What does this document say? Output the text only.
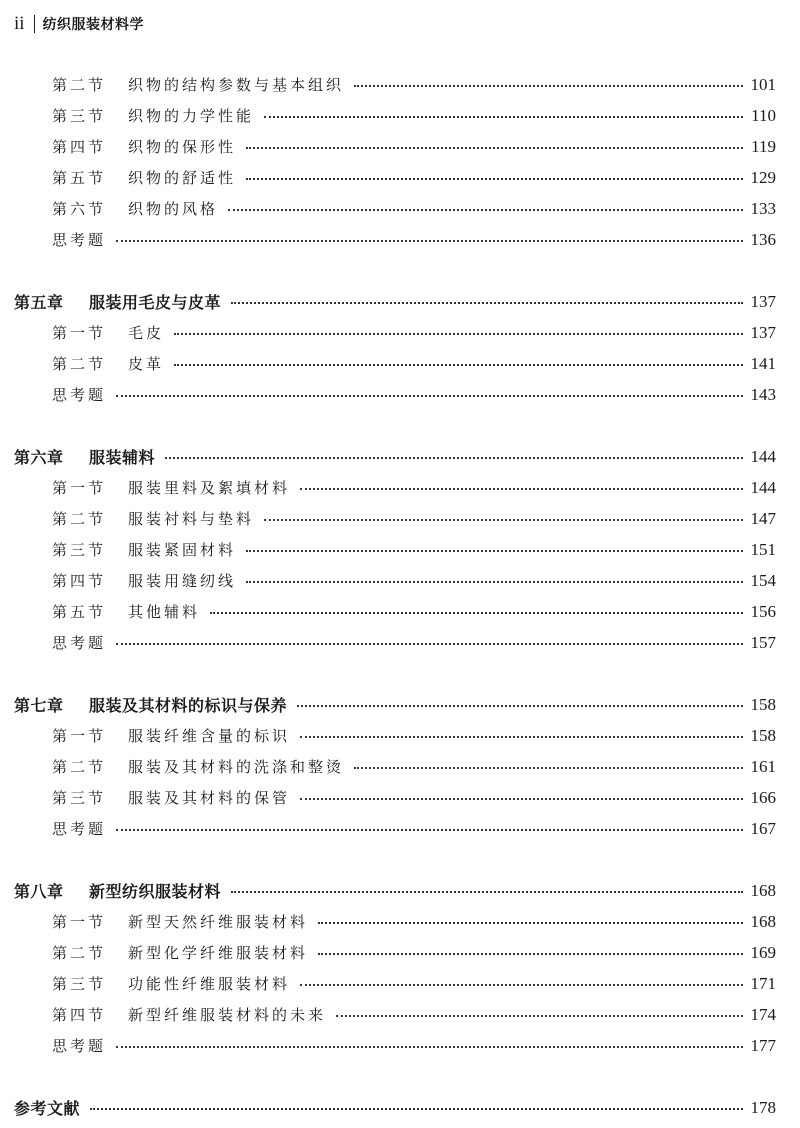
ii 纺织服装材料学
第二节	织物的结构参数与基本组织	101
第三节	织物的力学性能	110
第四节	织物的保形性	119
第五节	织物的舒适性	129
第六节	织物的风格	133
思考题	136
第五章	服装用毛皮与皮革	137
第一节	毛皮	137
第二节	皮革	141
思考题	143
第六章	服装辅料	144
第一节	服装里料及絮填材料	144
第二节	服装衬料与垫料	147
第三节	服装紧固材料	151
第四节	服装用缝纫线	154
第五节	其他辅料	156
思考题	157
第七章	服装及其材料的标识与保养	158
第一节	服装纤维含量的标识	158
第二节	服装及其材料的洗涤和整烫	161
第三节	服装及其材料的保管	166
思考题	167
第八章	新型纺织服装材料	168
第一节	新型天然纤维服装材料	168
第二节	新型化学纤维服装材料	169
第三节	功能性纤维服装材料	171
第四节	新型纤维服装材料的未来	174
思考题	177
参考文献	178
